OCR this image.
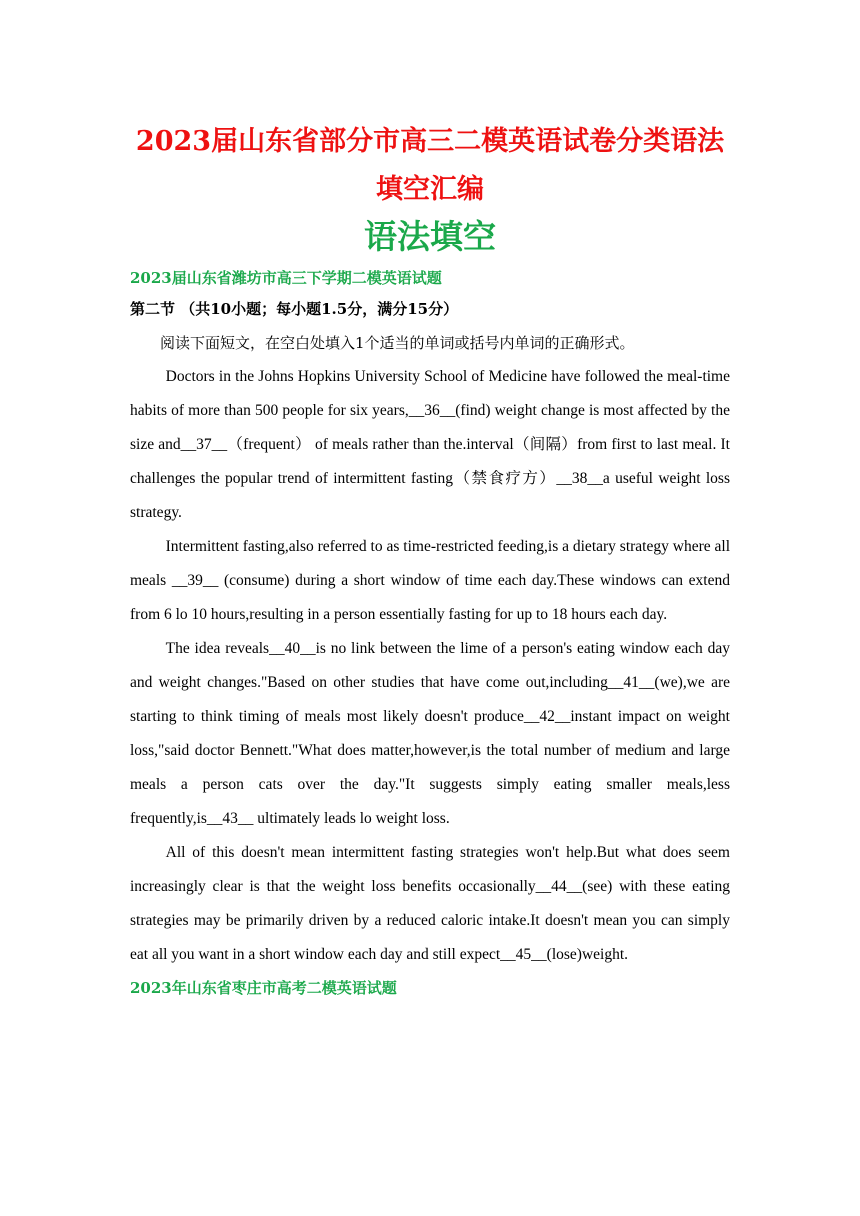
2023届山东省部分市高三二模英语试卷分类语法填空汇编
语法填空

2023届山东省潍坊市高三下学期二模英语试题

第二节 （共10小题；每小题1.5分，满分15分）

阅读下面短文，在空白处填入1个适当的单词或括号内单词的正确形式。

Doctors in the Johns Hopkins University School of Medicine have followed the meal-time habits of more than 500 people for six years,__36__(find) weight change is most affected by the size and__37__（frequent） of meals rather than the.interval（间隔）from first to last meal. It challenges the popular trend of intermittent fasting（禁食疗方）__38__a useful weight loss strategy.

Intermittent fasting,also referred to as time-restricted feeding,is a dietary strategy where all meals __39__ (consume) during a short window of time each day.These windows can extend from 6 lo 10 hours,resulting in a person essentially fasting for up to 18 hours each day.

The idea reveals__40__is no link between the lime of a person's eating window each day and weight changes."Based on other studies that have come out,including__41__(we),we are starting to think timing of meals most likely doesn't produce__42__instant impact on weight loss,"said doctor Bennett."What does matter,however,is the total number of medium and large meals a person cats over the day."It suggests simply eating smaller meals,less frequently,is__43__ ultimately leads lo weight loss.

All of this doesn't mean intermittent fasting strategies won't help.But what does seem increasingly clear is that the weight loss benefits occasionally__44__(see) with these eating strategies may be primarily driven by a reduced caloric intake.It doesn't mean you can simply eat all you want in a short window each day and still expect__45__(lose)weight.

2023年山东省枣庄市高考二模英语试题
